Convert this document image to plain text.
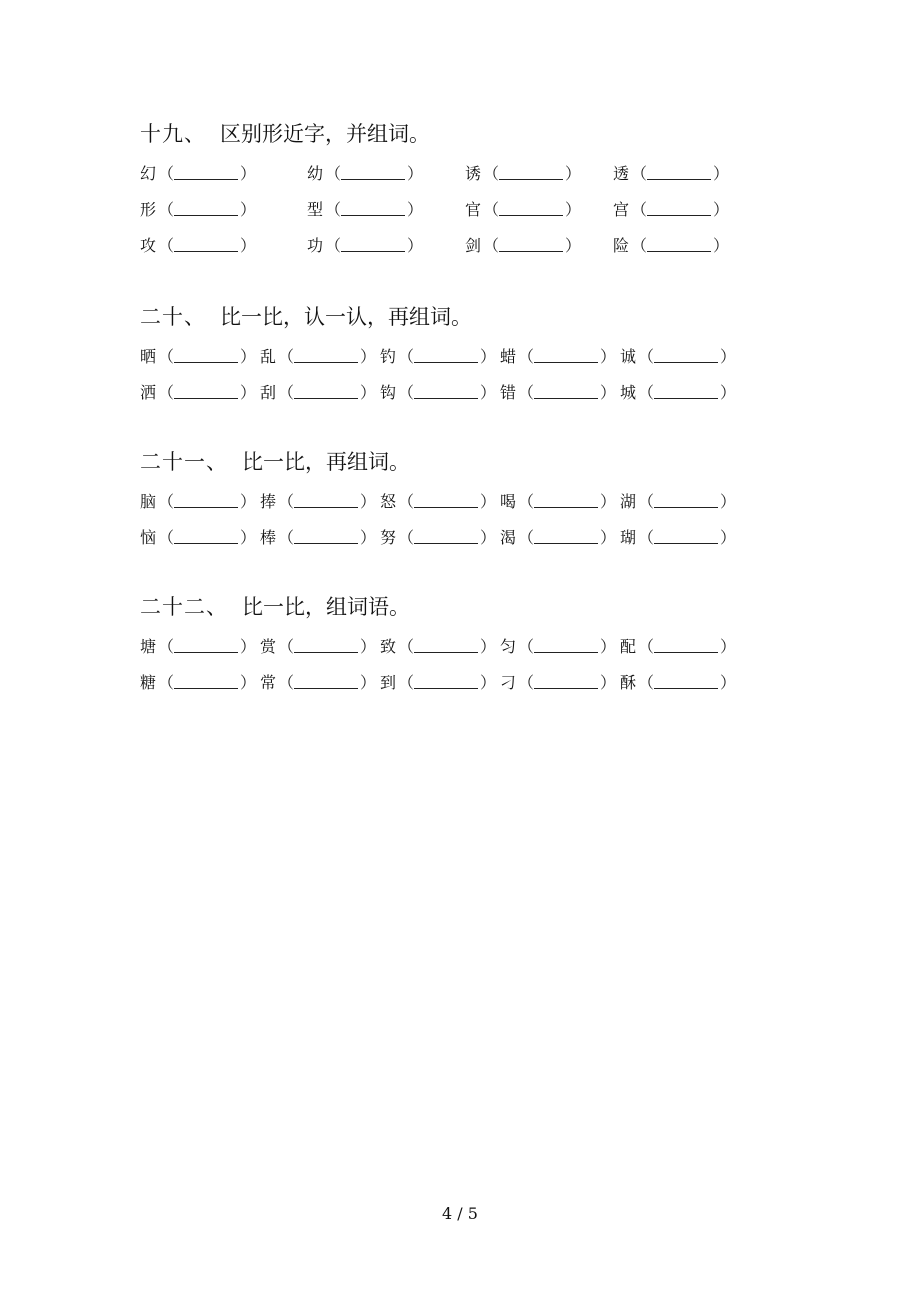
十九、 区别形近字，并组词。
幻 （	）	幼 （	）	诱 （	） 透 （	）
形 （	）	型 （	）	官 （	） 宫 （	）
攻 （	）	功 （	）	剑 （	） 险 （	）
二十、 比一比，认一认，再组词。
晒 （	） 乱 （	） 钓 （	） 蜡 （	） 诚 （	）
洒 （	） 刮 （	） 钩 （	） 错 （	） 城 （	）
二十一、 比一比，再组词。
脑 （	） 捧 （	） 怒 （	） 喝 （	） 湖 （	）
恼 （	） 棒 （	） 努 （	） 渴 （	） 瑚 （	）
二十二、 比一比，组词语。
塘 （	） 赏 （	） 致 （	） 匀 （	） 配 （	）
糖 （	） 常 （	） 到 （	） 刁 （	） 酥 （	）
4 / 5
